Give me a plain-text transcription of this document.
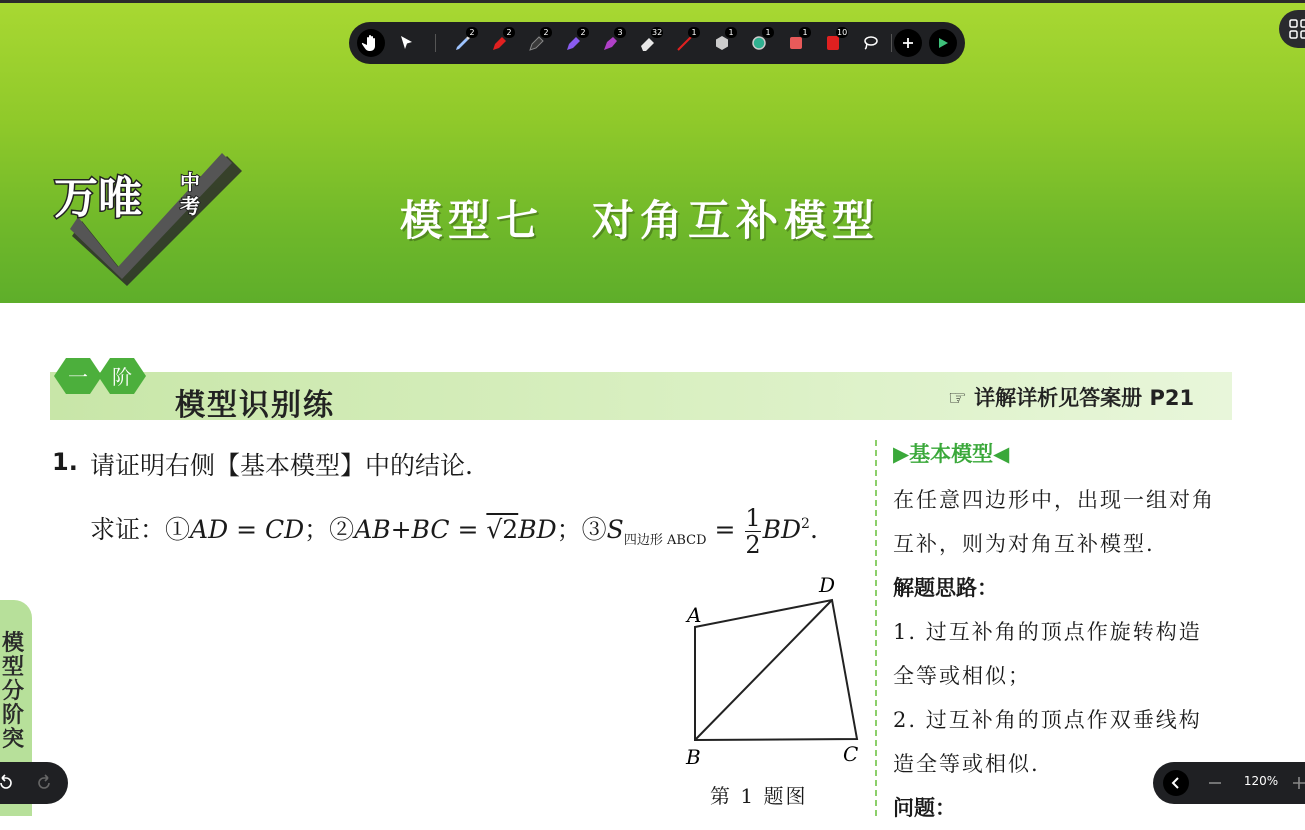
万唯 中
考	模型七　对角互补模型
2	2	2	2	3	32	1	1	1	1	10
一 阶
模型识别练	☞ 详解详析见答案册 P21
1. 请证明右侧【基本模型】中的结论.
求证：①AD = CD；②AB+BC = √2BD；$③S_{四边形 ABCD} = \frac{1}{2} BD^2$.
A
D
B	C
第 1 题图
▶基本模型◀
在任意四边形中，出现一组对角
互补，则为对角互补模型.
解题思路：
1. 过互补角的顶点作旋转构造
全等或相似；
2. 过互补角的顶点作双垂线构
造全等或相似.
问题：
模型分阶突
120%
